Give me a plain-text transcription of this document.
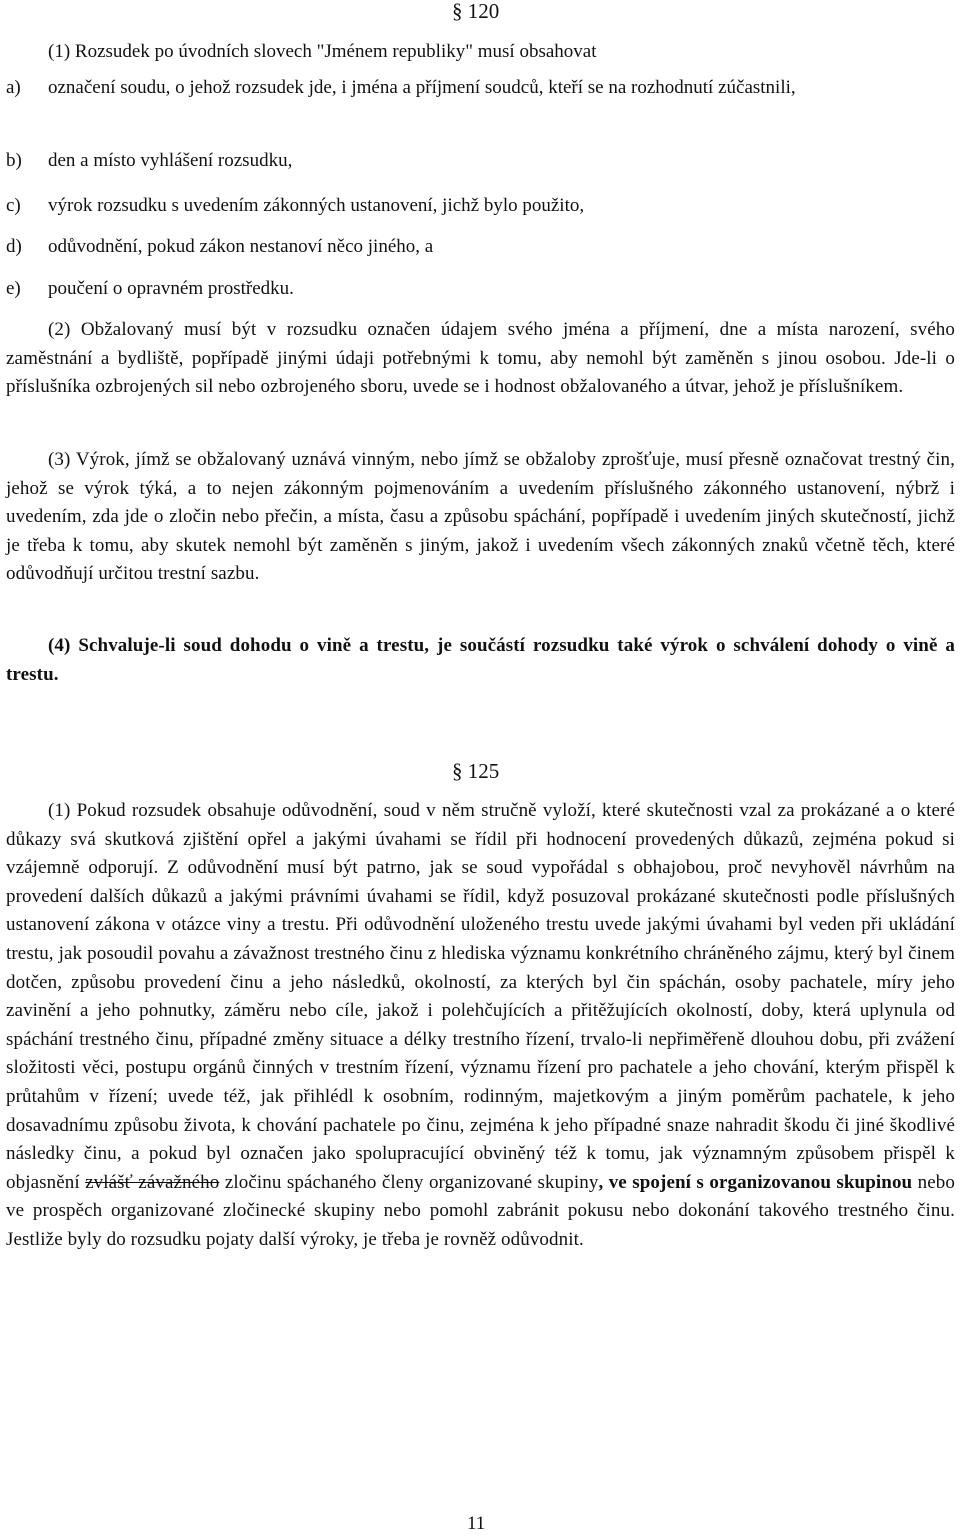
§ 120
(1) Rozsudek po úvodních slovech "Jménem republiky" musí obsahovat
a) označení soudu, o jehož rozsudek jde, i jména a příjmení soudců, kteří se na rozhodnutí zúčastnili,
b) den a místo vyhlášení rozsudku,
c) výrok rozsudku s uvedením zákonných ustanovení, jichž bylo použito,
d) odůvodnění, pokud zákon nestanoví něco jiného, a
e) poučení o opravném prostředku.
(2) Obžalovaný musí být v rozsudku označen údajem svého jména a příjmení, dne a místa narození, svého zaměstnání a bydliště, popřípadě jinými údaji potřebnými k tomu, aby nemohl být zaměněn s jinou osobou. Jde-li o příslušníka ozbrojených sil nebo ozbrojeného sboru, uvede se i hodnost obžalovaného a útvar, jehož je příslušníkem.
(3) Výrok, jímž se obžalovaný uznává vinným, nebo jímž se obžaloby zprošťuje, musí přesně označovat trestný čin, jehož se výrok týká, a to nejen zákonným pojmenováním a uvedením příslušného zákonného ustanovení, nýbrž i uvedením, zda jde o zločin nebo přečin, a místa, času a způsobu spáchání, popřípadě i uvedením jiných skutečností, jichž je třeba k tomu, aby skutek nemohl být zaměněn s jiným, jakož i uvedením všech zákonných znaků včetně těch, které odůvodňují určitou trestní sazbu.
(4) Schvaluje-li soud dohodu o vině a trestu, je součástí rozsudku také výrok o schválení dohody o vině a trestu.
§ 125
(1) Pokud rozsudek obsahuje odůvodnění, soud v něm stručně vyloží, které skutečnosti vzal za prokázané a o které důkazy svá skutková zjištění opřel a jakými úvahami se řídil při hodnocení provedených důkazů, zejména pokud si vzájemně odporují. Z odůvodnění musí být patrno, jak se soud vypořádal s obhajobou, proč nevyhověl návrhům na provedení dalších důkazů a jakými právními úvahami se řídil, když posuzoval prokázané skutečnosti podle příslušných ustanovení zákona v otázce viny a trestu. Při odůvodnění uloženého trestu uvede jakými úvahami byl veden při ukládání trestu, jak posoudil povahu a závažnost trestného činu z hlediska významu konkrétního chráněného zájmu, který byl činem dotčen, způsobu provedení činu a jeho následků, okolností, za kterých byl čin spáchán, osoby pachatele, míry jeho zavinění a jeho pohnutky, záměru nebo cíle, jakož i polehčujících a přitěžujících okolností, doby, která uplynula od spáchání trestného činu, případné změny situace a délky trestního řízení, trvalo-li nepřiměřeně dlouhou dobu, při zvážení složitosti věci, postupu orgánů činných v trestním řízení, významu řízení pro pachatele a jeho chování, kterým přispěl k průtahům v řízení; uvede též, jak přihlédl k osobním, rodinným, majetkovým a jiným poměrům pachatele, k jeho dosavadnímu způsobu života, k chování pachatele po činu, zejména k jeho případné snaze nahradit škodu či jiné škodlivé následky činu, a pokud byl označen jako spolupracující obviněný též k tomu, jak významným způsobem přispěl k objasnění zvlášť závažného zločinu spáchaného členy organizované skupiny, ve spojení s organizovanou skupinou nebo ve prospěch organizované zločinecké skupiny nebo pomohl zabránit pokusu nebo dokonání takového trestného činu. Jestliže byly do rozsudku pojaty další výroky, je třeba je rovněž odůvodnit.
11
